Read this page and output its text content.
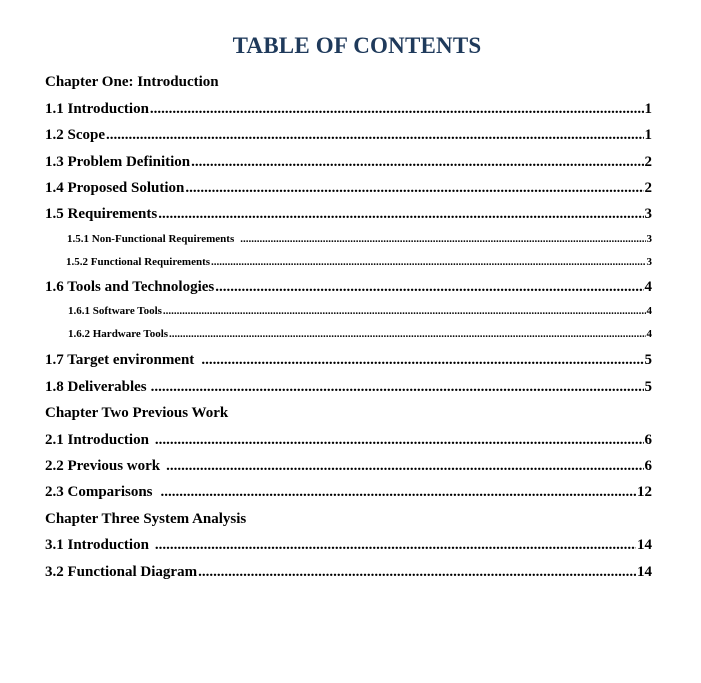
TABLE OF CONTENTS
Chapter One: Introduction
1.1 Introduction .....	1
1.2 Scope .....	1
1.3 Problem Definition .....	2
1.4 Proposed Solution .....	2
1.5 Requirements .....	3
1.5.1 Non-Functional Requirements .....	3
1.5.2 Functional Requirements .....	3
1.6 Tools and Technologies .....	4
1.6.1 Software Tools .....	4
1.6.2 Hardware Tools .....	4
1.7 Target environment .....	5
1.8 Deliverables .....	5
Chapter Two Previous Work
2.1 Introduction .....	6
2.2 Previous work .....	6
2.3 Comparisons .....	12
Chapter Three System Analysis
3.1 Introduction .....	14
3.2 Functional Diagram .....	14
